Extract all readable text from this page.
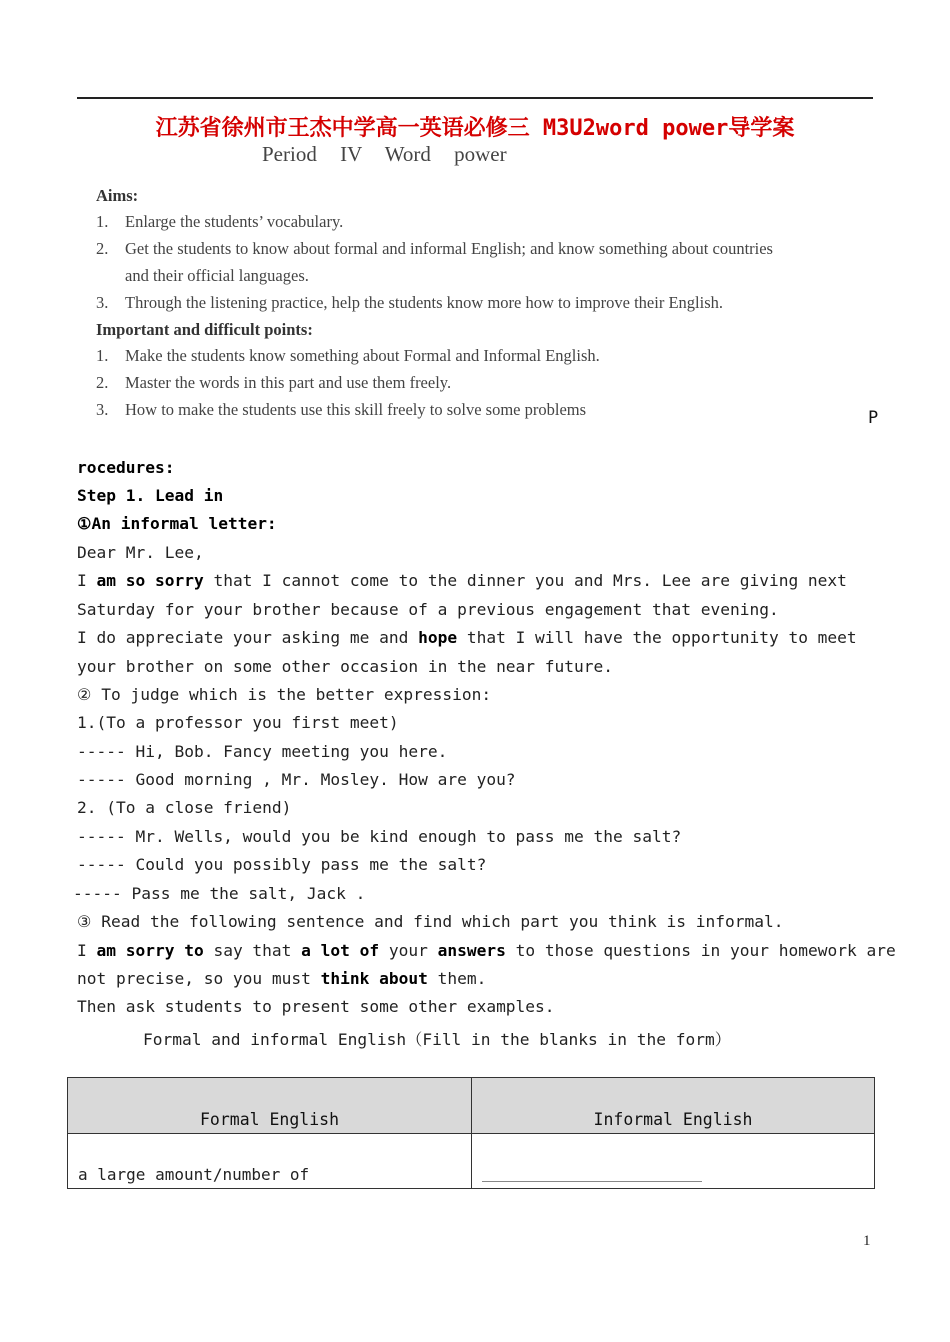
江苏省徐州市王杰中学高一英语必修三 M3U2word power导学案
Period IV Word power
Aims:
1. Enlarge the students’ vocabulary.
2. Get the students to know about formal and informal English; and know something about countries
and their official languages.
3. Through the listening practice, help the students know more how to improve their English.
Important and difficult points:
1. Make the students know something about Formal and Informal English.
2. Master the words in this part and use them freely.
3. How to make the students use this skill freely to solve some problems	P
rocedures:
Step 1. Lead in
①An informal letter:
Dear Mr. Lee,
I am so sorry that I cannot come to the dinner you and Mrs. Lee are giving next
Saturday for your brother because of a previous engagement that evening.
I do appreciate your asking me and hope that I will have the opportunity to meet
your brother on some other occasion in the near future.
② To judge which is the better expression:
1.(To a professor you first meet)
----- Hi, Bob. Fancy meeting you here.
----- Good morning , Mr. Mosley. How are you?
2. (To a close friend)
----- Mr. Wells, would you be kind enough to pass me the salt?
----- Could you possibly pass me the salt?
----- Pass me the salt, Jack .
③ Read the following sentence and find which part you think is informal.
I am sorry to say that a lot of your answers to those questions in your homework are
not precise, so you must think about them.
Then ask students to present some other examples.
Formal and informal English（Fill in the blanks in the form）
Formal English	Informal English
a large amount/number of
1
